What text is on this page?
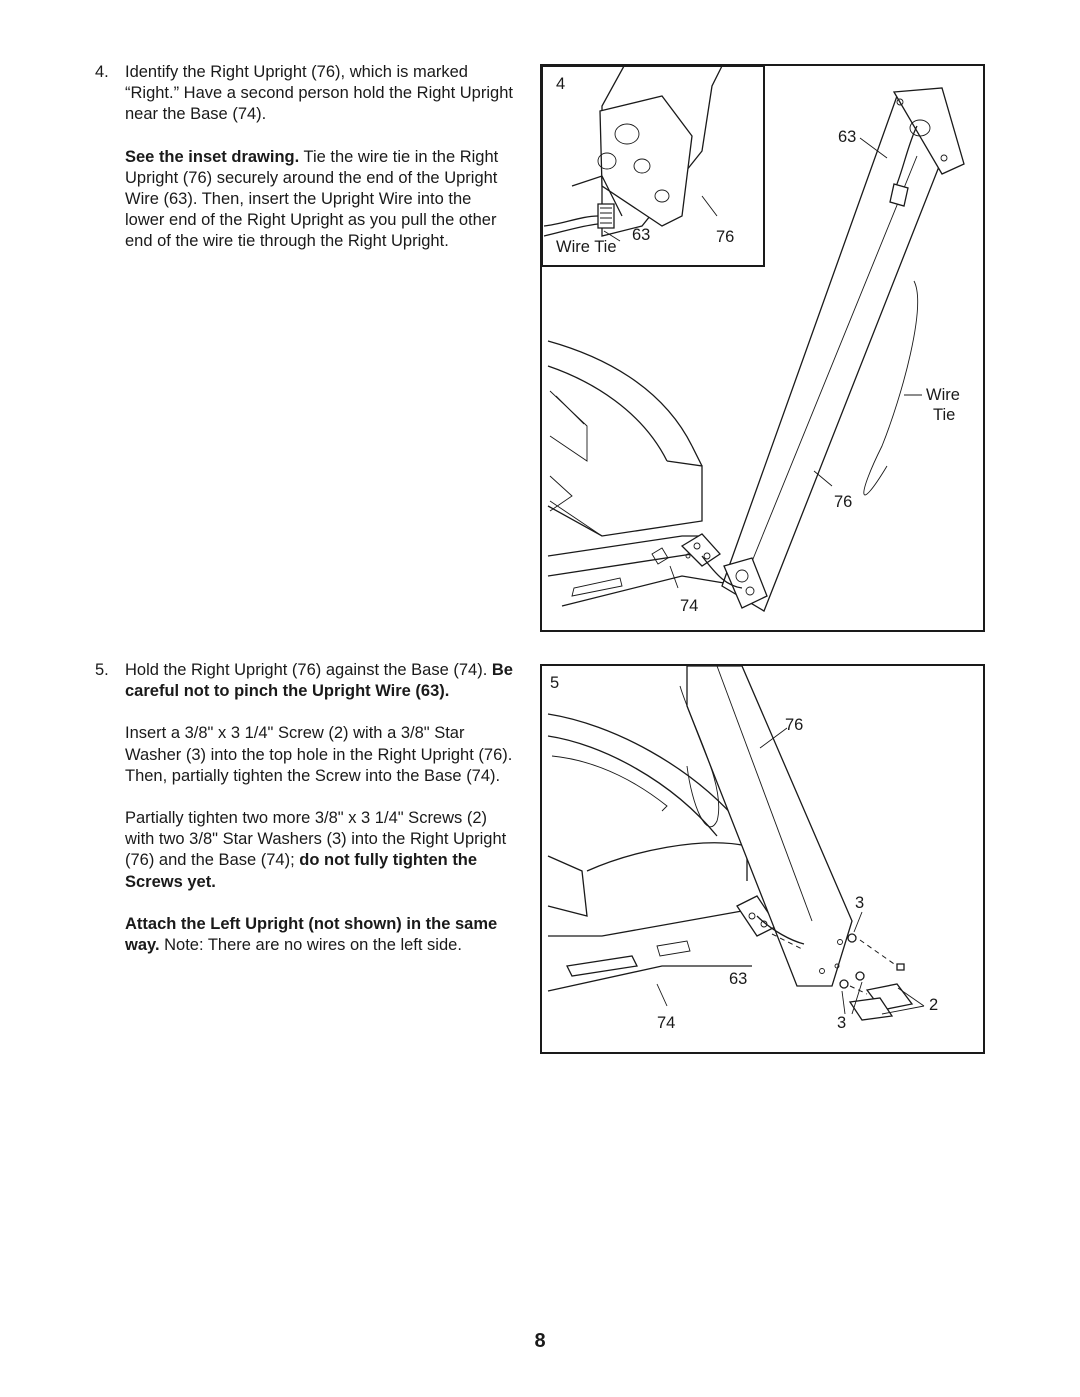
4. Identify the Right Upright (76), which is marked “Right.” Have a second person hold the Right Upright near the Base (74).

See the inset drawing. Tie the wire tie in the Right Upright (76) securely around the end of the Upright Wire (63). Then, insert the Upright Wire into the lower end of the Right Upright as you pull the other end of the wire tie through the Right Upright.

5. Hold the Right Upright (76) against the Base (74). Be careful not to pinch the Upright Wire (63).

Insert a 3/8" x 3 1/4" Screw (2) with a 3/8" Star Washer (3) into the top hole in the Right Upright (76). Then, partially tighten the Screw into the Base (74).

Partially tighten two more 3/8" x 3 1/4" Screws (2) with two 3/8" Star Washers (3) into the Right Upright (76) and the Base (74); do not fully tighten the Screws yet.

Attach the Left Upright (not shown) in the same way. Note: There are no wires on the left side.

4
Wire Tie
63	76
63
Wire
Tie
76
74
5
76
3
63
74
2
3
8
